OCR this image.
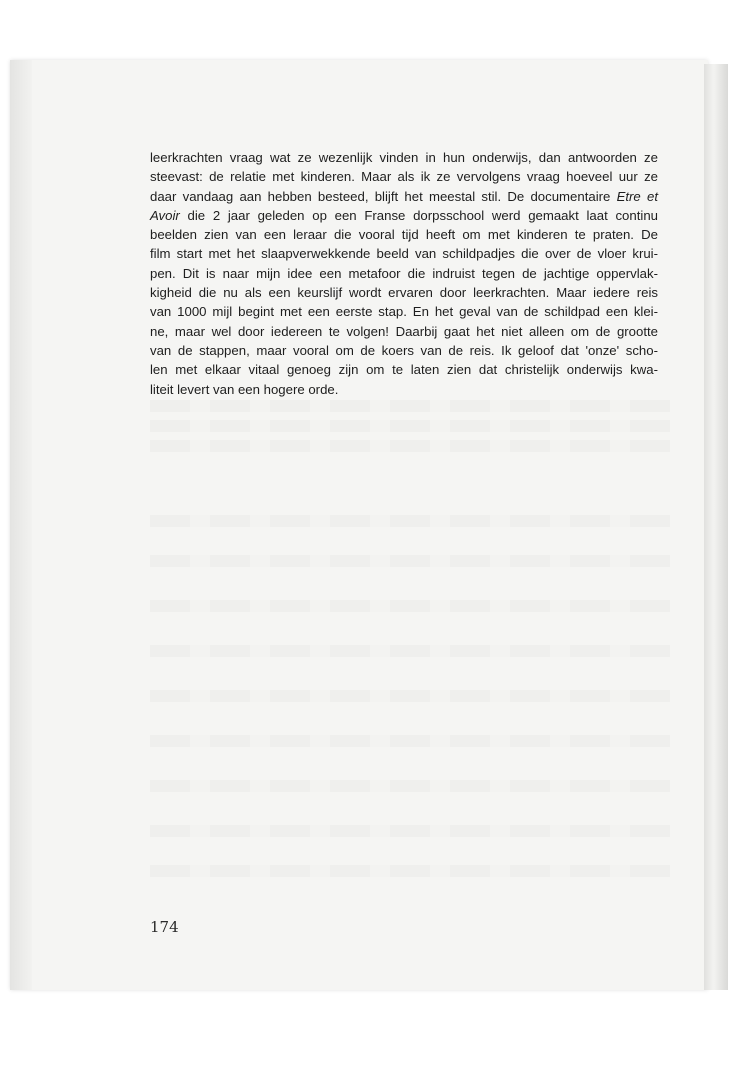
leerkrachten vraag wat ze wezenlijk vinden in hun onderwijs, dan antwoorden ze
steevast: de relatie met kinderen. Maar als ik ze vervolgens vraag hoeveel uur ze
daar vandaag aan hebben besteed, blijft het meestal stil. De documentaire Etre et
Avoir die 2 jaar geleden op een Franse dorpsschool werd gemaakt laat continu
beelden zien van een leraar die vooral tijd heeft om met kinderen te praten. De
film start met het slaapverwekkende beeld van schildpadjes die over de vloer krui-
pen. Dit is naar mijn idee een metafoor die indruist tegen de jachtige oppervlak-
kigheid die nu als een keurslijf wordt ervaren door leerkrachten. Maar iedere reis
van 1000 mijl begint met een eerste stap. En het geval van de schildpad een klei-
ne, maar wel door iedereen te volgen! Daarbij gaat het niet alleen om de grootte
van de stappen, maar vooral om de koers van de reis. Ik geloof dat 'onze' scho-
len met elkaar vitaal genoeg zijn om te laten zien dat christelijk onderwijs kwa-
liteit levert van een hogere orde.
174
